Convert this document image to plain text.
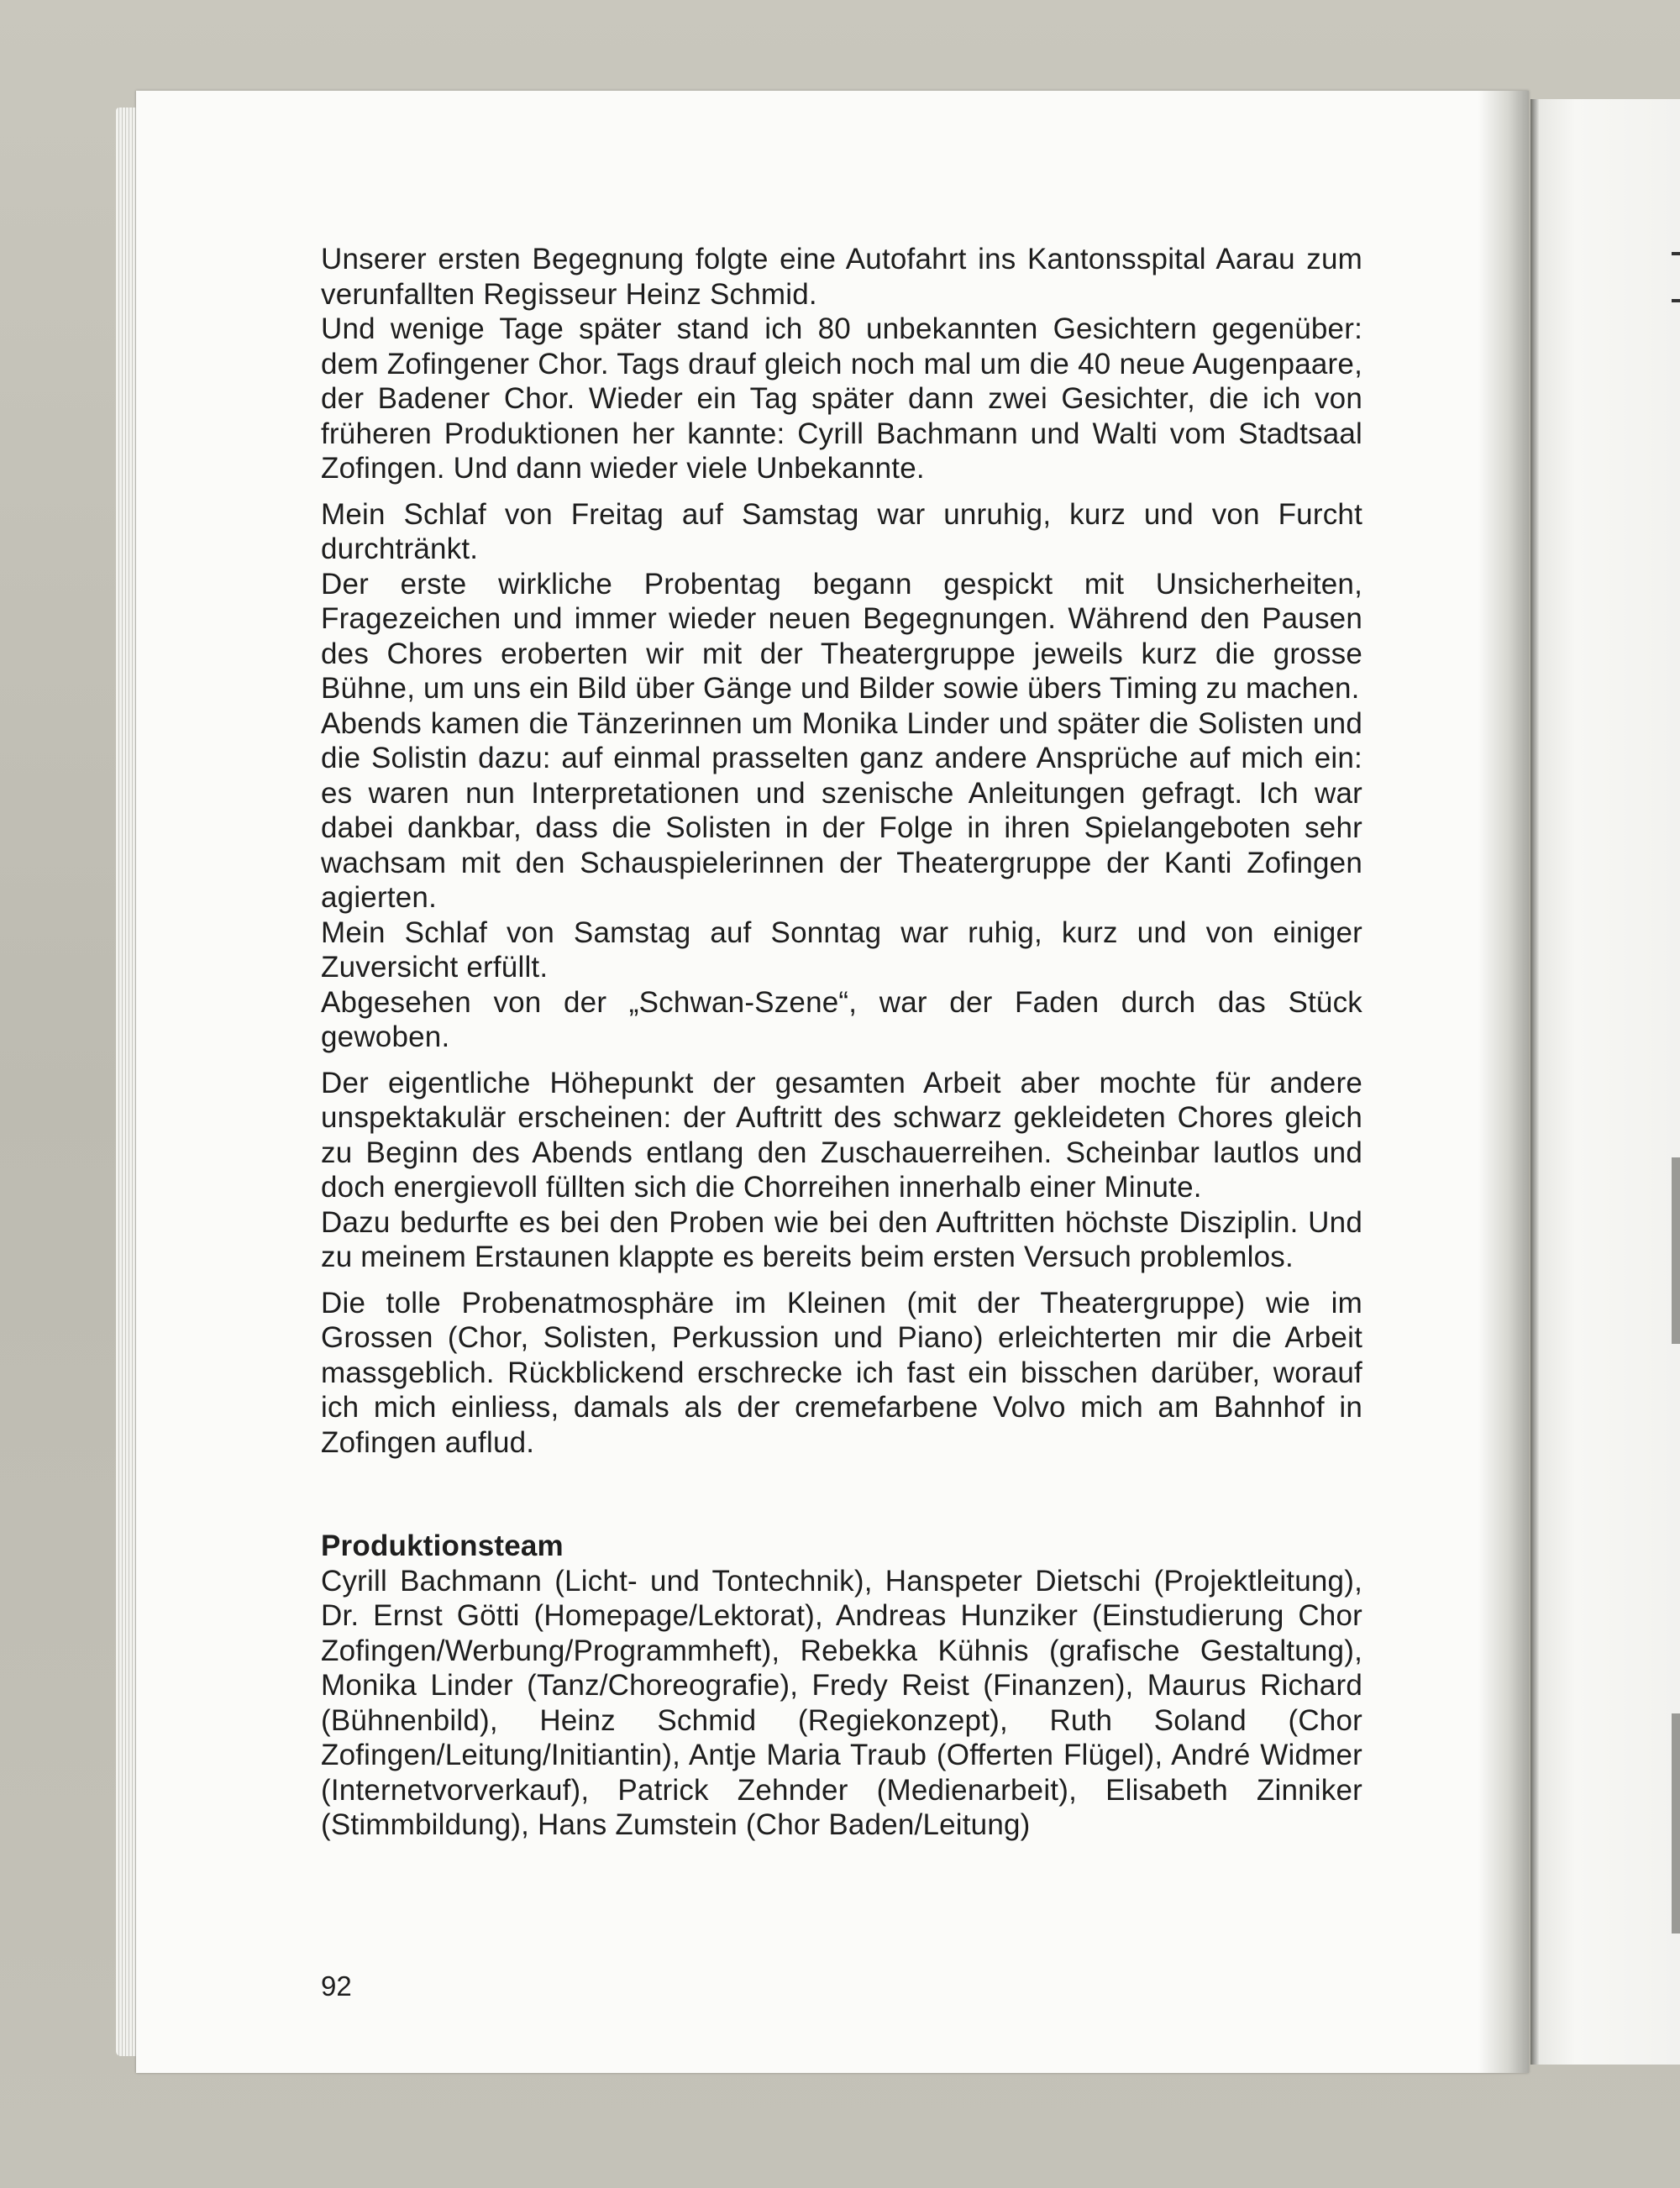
Unserer ersten Begegnung folgte eine Autofahrt ins Kantonsspital Aarau zum verunfallten Regisseur Heinz Schmid.

Und wenige Tage später stand ich 80 unbekannten Gesichtern gegenüber: dem Zofingener Chor. Tags drauf gleich noch mal um die 40 neue Augenpaare, der Badener Chor. Wieder ein Tag später dann zwei Gesichter, die ich von früheren Produktionen her kannte: Cyrill Bachmann und Walti vom Stadtsaal Zofingen. Und dann wieder viele Unbekannte.

Mein Schlaf von Freitag auf Samstag war unruhig, kurz und von Furcht durchtränkt.

Der erste wirkliche Probentag begann gespickt mit Unsicherheiten, Fragezeichen und immer wieder neuen Begegnungen. Während den Pausen des Chores eroberten wir mit der Theatergruppe jeweils kurz die grosse Bühne, um uns ein Bild über Gänge und Bilder sowie übers Timing zu machen.

Abends kamen die Tänzerinnen um Monika Linder und später die Solisten und die Solistin dazu: auf einmal prasselten ganz andere Ansprüche auf mich ein: es waren nun Interpretationen und szenische Anleitungen gefragt. Ich war dabei dankbar, dass die Solisten in der Folge in ihren Spielangeboten sehr wachsam mit den Schauspielerinnen der Theatergruppe der Kanti Zofingen agierten.

Mein Schlaf von Samstag auf Sonntag war ruhig, kurz und von einiger Zuversicht erfüllt.

Abgesehen von der „Schwan-Szene“, war der Faden durch das Stück gewoben.

Der eigentliche Höhepunkt der gesamten Arbeit aber mochte für andere unspektakulär erscheinen: der Auftritt des schwarz gekleideten Chores gleich zu Beginn des Abends entlang den Zuschauerreihen. Scheinbar lautlos und doch energievoll füllten sich die Chorreihen innerhalb einer Minute.

Dazu bedurfte es bei den Proben wie bei den Auftritten höchste Disziplin. Und zu meinem Erstaunen klappte es bereits beim ersten Versuch problemlos.

Die tolle Probenatmosphäre im Kleinen (mit der Theatergruppe) wie im Grossen (Chor, Solisten, Perkussion und Piano) erleichterten mir die Arbeit massgeblich. Rückblickend erschrecke ich fast ein bisschen darüber, worauf ich mich einliess, damals als der cremefarbene Volvo mich am Bahnhof in Zofingen auflud.

Produktionsteam

Cyrill Bachmann (Licht- und Tontechnik), Hanspeter Dietschi (Projektleitung), Dr. Ernst Götti (Homepage/Lektorat), Andreas Hunziker (Einstudierung Chor Zofingen/Werbung/Programmheft), Rebekka Kühnis (grafische Gestaltung), Monika Linder (Tanz/Choreografie), Fredy Reist (Finanzen), Maurus Richard (Bühnenbild), Heinz Schmid (Regiekonzept), Ruth Soland (Chor Zofingen/Leitung/Initiantin), Antje Maria Traub (Offerten Flügel), André Widmer (Internetvorverkauf), Patrick Zehnder (Medienarbeit), Elisabeth Zinniker (Stimmbildung), Hans Zumstein (Chor Baden/Leitung)

92
